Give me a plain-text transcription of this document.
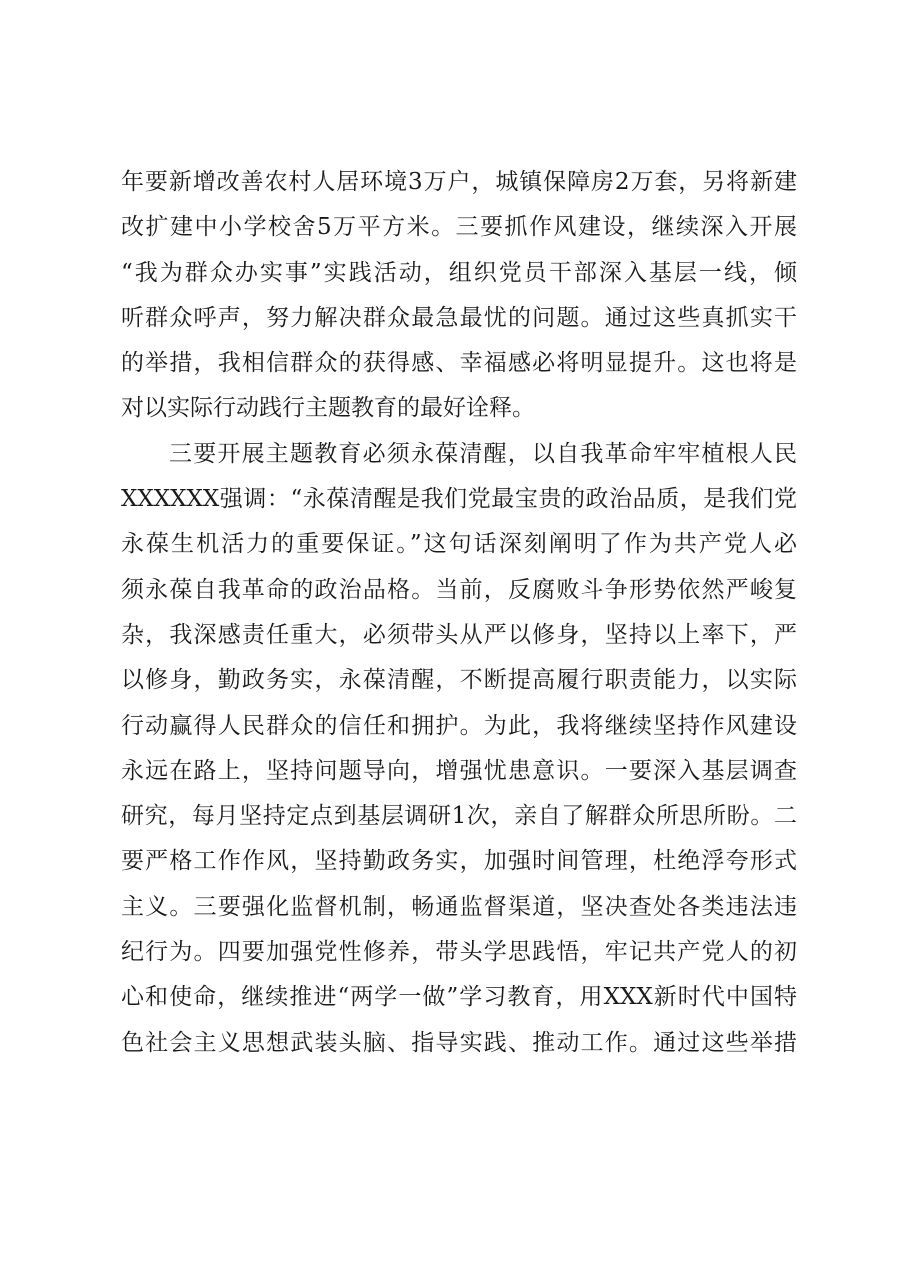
年要新增改善农村人居环境3万户，城镇保障房2万套，另将新建
改扩建中小学校舍5万平方米。三要抓作风建设，继续深入开展
“我为群众办实事”实践活动，组织党员干部深入基层一线，倾
听群众呼声，努力解决群众最急最忧的问题。通过这些真抓实干
的举措，我相信群众的获得感、幸福感必将明显提升。这也将是
对以实际行动践行主题教育的最好诠释。
三要开展主题教育必须永葆清醒，以自我革命牢牢植根人民
XXXXXX强调：“永葆清醒是我们党最宝贵的政治品质，是我们党
永葆生机活力的重要保证。”这句话深刻阐明了作为共产党人必
须永葆自我革命的政治品格。当前，反腐败斗争形势依然严峻复
杂，我深感责任重大，必须带头从严以修身，坚持以上率下，严
以修身，勤政务实，永葆清醒，不断提高履行职责能力，以实际
行动赢得人民群众的信任和拥护。为此，我将继续坚持作风建设
永远在路上，坚持问题导向，增强忧患意识。一要深入基层调查
研究，每月坚持定点到基层调研1次，亲自了解群众所思所盼。二
要严格工作作风，坚持勤政务实，加强时间管理，杜绝浮夸形式
主义。三要强化监督机制，畅通监督渠道，坚决查处各类违法违
纪行为。四要加强党性修养，带头学思践悟，牢记共产党人的初
心和使命，继续推进“两学一做”学习教育，用XXX新时代中国特
色社会主义思想武装头脑、指导实践、推动工作。通过这些举措
